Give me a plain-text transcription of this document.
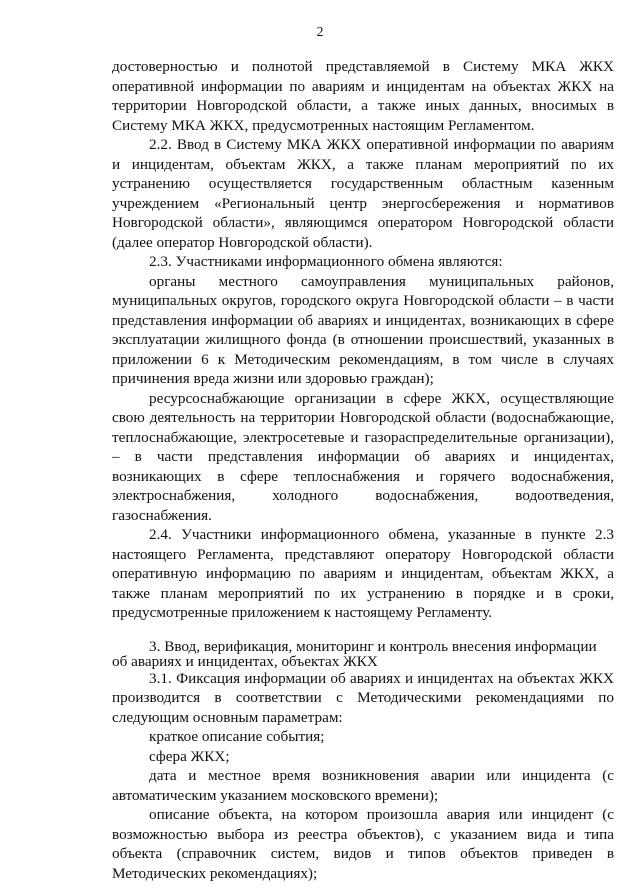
2

достоверностью и полнотой представляемой в Систему МКА ЖКХ оперативной информации по авариям и инцидентам на объектах ЖКХ на территории Новгородской области, а также иных данных, вносимых в Систему МКА ЖКХ, предусмотренных настоящим Регламентом.

2.2. Ввод в Систему МКА ЖКХ оперативной информации по авариям и инцидентам, объектам ЖКХ, а также планам мероприятий по их устранению осуществляется государственным областным казенным учреждением «Региональный центр энергосбережения и нормативов Новгородской области», являющимся оператором Новгородской области (далее оператор Новгородской области).

2.3. Участниками информационного обмена являются:

органы местного самоуправления муниципальных районов, муниципальных округов, городского округа Новгородской области – в части представления информации об авариях и инцидентах, возникающих в сфере эксплуатации жилищного фонда (в отношении происшествий, указанных в приложении 6 к Методическим рекомендациям, в том числе в случаях причинения вреда жизни или здоровью граждан);

ресурсоснабжающие организации в сфере ЖКХ, осуществляющие свою деятельность на территории Новгородской области (водоснабжающие, теплоснабжающие, электросетевые и газораспределительные организации), – в части представления информации об авариях и инцидентах, возникающих в сфере теплоснабжения и горячего водоснабжения, электроснабжения, холодного водоснабжения, водоотведения, газоснабжения.

2.4. Участники информационного обмена, указанные в пункте 2.3 настоящего Регламента, представляют оператору Новгородской области оперативную информацию по авариям и инцидентам, объектам ЖКХ, а также планам мероприятий по их устранению в порядке и в сроки, предусмотренные приложением к настоящему Регламенту.

3. Ввод, верификация, мониторинг и контроль внесения информации об авариях и инцидентах, объектах ЖКХ

3.1. Фиксация информации об авариях и инцидентах на объектах ЖКХ производится в соответствии с Методическими рекомендациями по следующим основным параметрам:

краткое описание события;

сфера ЖКХ;

дата и местное время возникновения аварии или инцидента (с автоматическим указанием московского времени);

описание объекта, на котором произошла авария или инцидент (с возможностью выбора из реестра объектов), с указанием вида и типа объекта (справочник систем, видов и типов объектов приведен в Методических рекомендациях);
